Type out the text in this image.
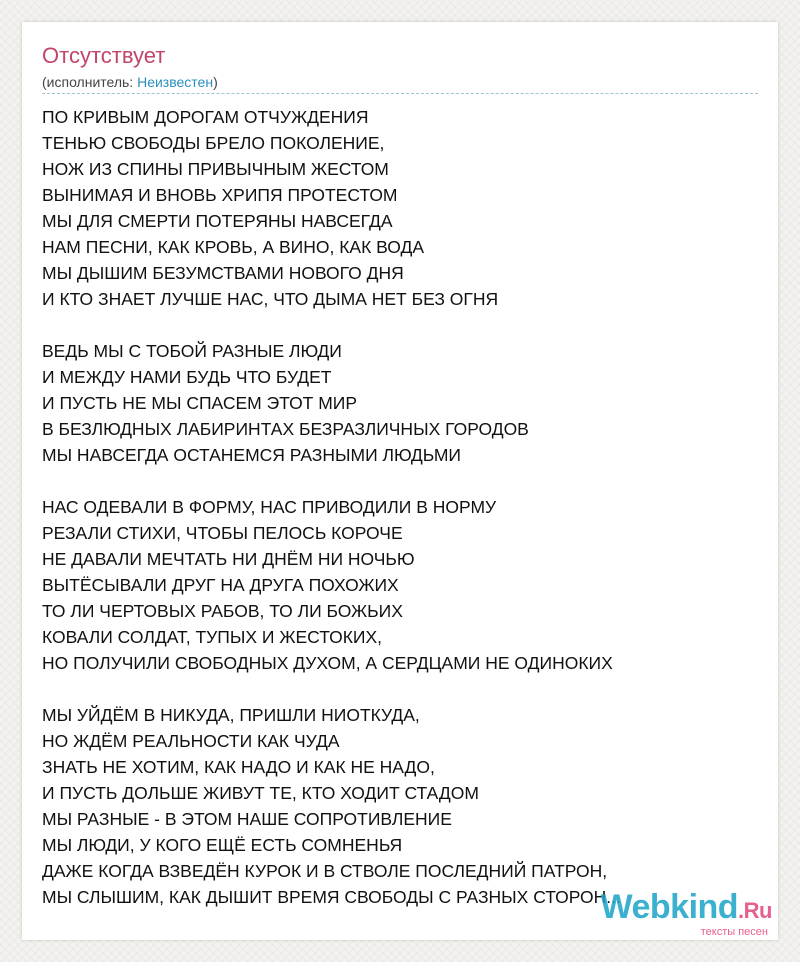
Отсутствует
(исполнитель: Неизвестен)
ПО КРИВЫМ ДОРОГАМ ОТЧУЖДЕНИЯ
ТЕНЬЮ СВОБОДЫ БРЕЛО ПОКОЛЕНИЕ,
НОЖ ИЗ СПИНЫ ПРИВЫЧНЫМ ЖЕСТОМ
ВЫНИМАЯ И ВНОВЬ ХРИПЯ ПРОТЕСТОМ
МЫ ДЛЯ СМЕРТИ ПОТЕРЯНЫ НАВСЕГДА
НАМ ПЕСНИ, КАК КРОВЬ, А ВИНО, КАК ВОДА
МЫ ДЫШИМ БЕЗУМСТВАМИ НОВОГО ДНЯ
И КТО ЗНАЕТ ЛУЧШЕ НАС, ЧТО ДЫМА НЕТ БЕЗ ОГНЯ
ВЕДЬ МЫ С ТОБОЙ РАЗНЫЕ ЛЮДИ
И МЕЖДУ НАМИ БУДЬ ЧТО БУДЕТ
И ПУСТЬ НЕ МЫ СПАСЕМ ЭТОТ МИР
В БЕЗЛЮДНЫХ ЛАБИРИНТАХ БЕЗРАЗЛИЧНЫХ ГОРОДОВ
МЫ НАВСЕГДА ОСТАНЕМСЯ РАЗНЫМИ ЛЮДЬМИ
НАС ОДЕВАЛИ В ФОРМУ, НАС ПРИВОДИЛИ В НОРМУ
РЕЗАЛИ СТИХИ, ЧТОБЫ ПЕЛОСЬ КОРОЧЕ
НЕ ДАВАЛИ МЕЧТАТЬ НИ ДНЁМ НИ НОЧЬЮ
ВЫТЁСЫВАЛИ ДРУГ НА ДРУГА ПОХОЖИХ
ТО ЛИ ЧЕРТОВЫХ РАБОВ, ТО ЛИ БОЖЬИХ
КОВАЛИ СОЛДАТ, ТУПЫХ И ЖЕСТОКИХ,
НО ПОЛУЧИЛИ СВОБОДНЫХ ДУХОМ, А СЕРДЦАМИ НЕ ОДИНОКИХ
МЫ УЙДЁМ В НИКУДА, ПРИШЛИ НИОТКУДА,
НО ЖДЁМ РЕАЛЬНОСТИ КАК ЧУДА
ЗНАТЬ НЕ ХОТИМ, КАК НАДО И КАК НЕ НАДО,
И ПУСТЬ ДОЛЬШЕ ЖИВУТ ТЕ, КТО ХОДИТ СТАДОМ
МЫ РАЗНЫЕ - В ЭТОМ НАШЕ СОПРОТИВЛЕНИЕ
МЫ ЛЮДИ, У КОГО ЕЩЁ ЕСТЬ СОМНЕНЬЯ
ДАЖЕ КОГДА ВЗВЕДЁН КУРОК И В СТВОЛЕ ПОСЛЕДНИЙ ПАТРОН,
МЫ СЛЫШИМ, КАК ДЫШИТ ВРЕМЯ СВОБОДЫ С РАЗНЫХ СТОРОН...
Webkind.Ru
тексты песен
